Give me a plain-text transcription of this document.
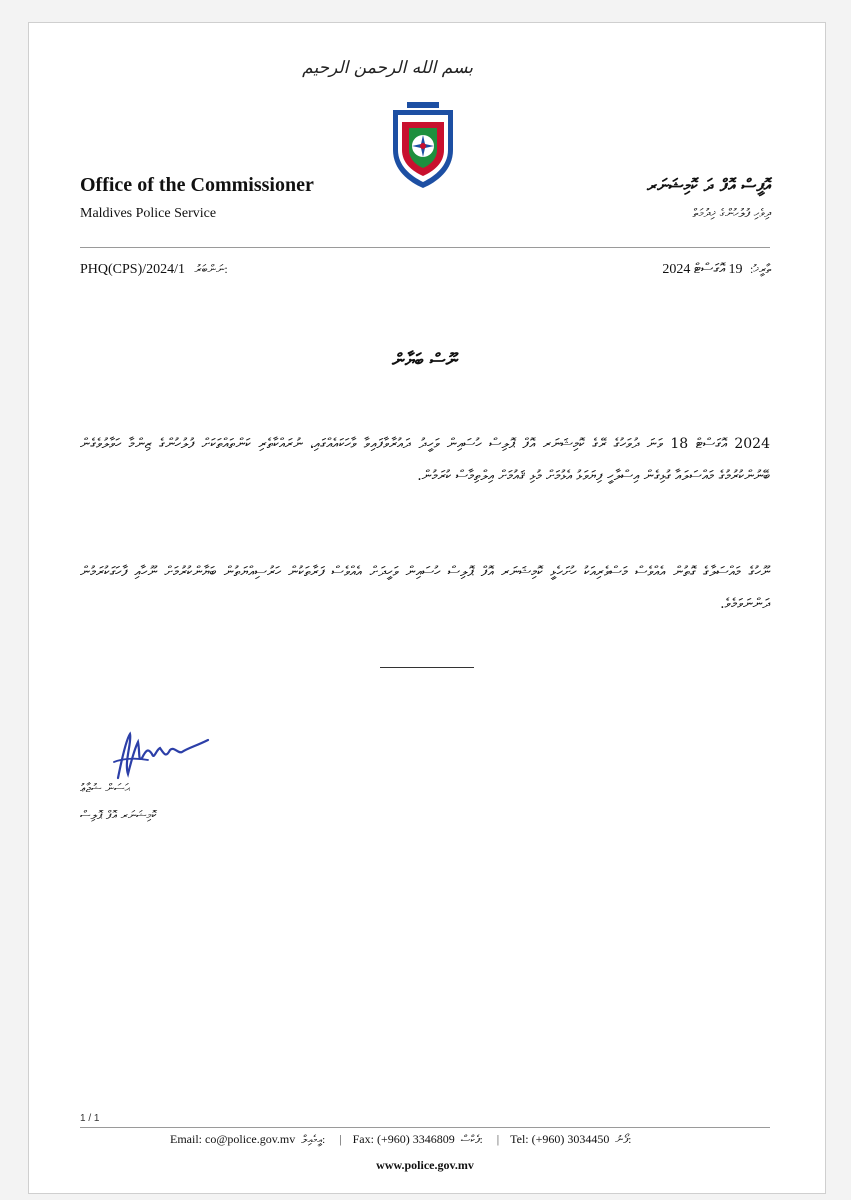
بسم الله الرحمن الرحيم
Office of the Commissioner
Maldives Police Service
އޮފީސް އޮފް ދަ ކޮމިޝަނަރ
ދިވެހި ފުލުހުންގެ ޚިދުމަތް
PHQ(CPS)/2024/1 ނަންބަރު:	ތާރީޚު: 19 އޮގަސްޓް 2024
ނޫސް ބަޔާން
2024 އޮގަސްޓް 18 ވަނަ ދުވަހުގެ ރޭގެ ކޮމިޝަނަރ އޮފް ޕޮލިސް ހުސައިން ވަހީދު ދައުރާވާފައިވާ ވާހަކައެއްގައި، ނުރައްކާތެރި ކަންތައްތަކަށް ފުލުހުންގެ ޒިންމާ ހަވާލުވެގެން ބޭނުންކުރުމުގެ މައްސަލައާ ގުޅިގެން އިސްލާހީ ފިޔަވަޅު އެޅުމަށް މުޅި ޤައުމަށް އިލްތިމާސް ކުރަމުން.
ނޫހުގެ މައްސަލާގެ ގޮތުން އެއްވެސް މަސްވެރިއަކު ހުށަހެޅީ ކޮމިޝަނަރ އޮފް ޕޮލިސް ހުސައިން ވަހީދަށް އެއްވެސް ފަރާތަކުން ހަރުސިއްޔަތުން ބަޔާންކުރުމަށް ނޫހާއި ފާހަގަކުރަމުން ދަންނަވަމެވެ.
ޙަސަން ޝުޖާޢު
ކޮމިޝަނަރ އޮފް ޕޮލިސް
1 / 1
Email: co@police.gov.mv އީމެއިލް: | Fax: (+960) 3346809 ފެކްސް: | Tel: (+960) 3034450 ފޯނު:
www.police.gov.mv
